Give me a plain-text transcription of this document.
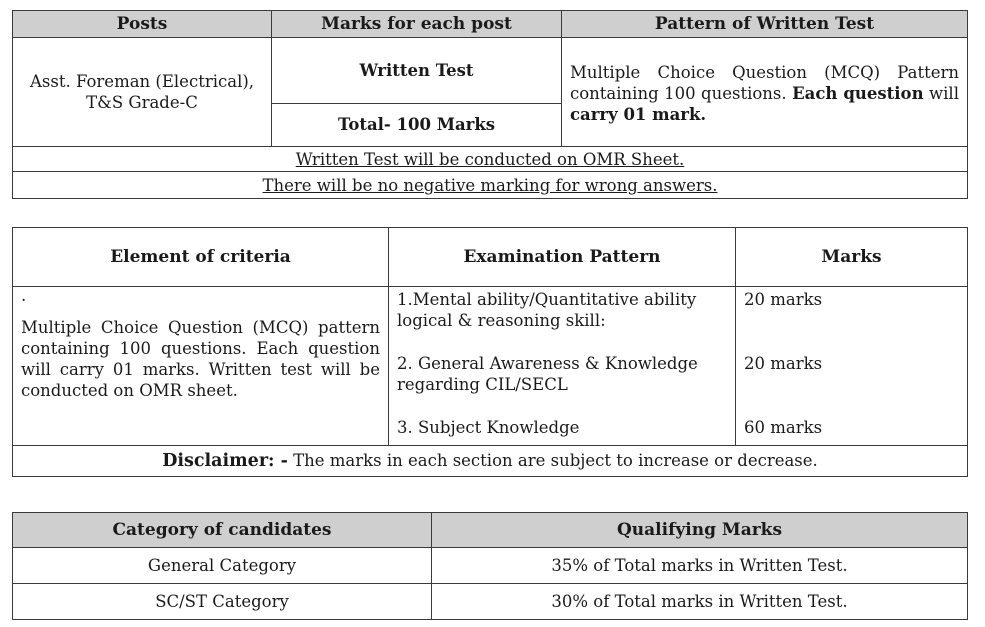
Posts	Marks for each post	Pattern of Written Test
Asst. Foreman (Electrical), T&S Grade-C	Written Test	Multiple Choice Question (MCQ) Pattern containing 100 questions. Each question will carry 01 mark.
	Total- 100 Marks	
Written Test will be conducted on OMR Sheet.		
There will be no negative marking for wrong answers.		
Element of criteria	Examination Pattern	Marks

.
Multiple Choice Question (MCQ) pattern containing 100 questions. Each question will carry 01 marks. Written test will be conducted on OMR sheet.	1.Mental ability/Quantitative ability logical & reasoning skill:	20 marks
	2. General Awareness & Knowledge regarding CIL/SECL	20 marks
	3. Subject Knowledge	60 marks
Disclaimer: - The marks in each section are subject to increase or decrease.		
Category of candidates	Qualifying Marks
General Category	35% of Total marks in Written Test.
SC/ST Category	30% of Total marks in Written Test.
